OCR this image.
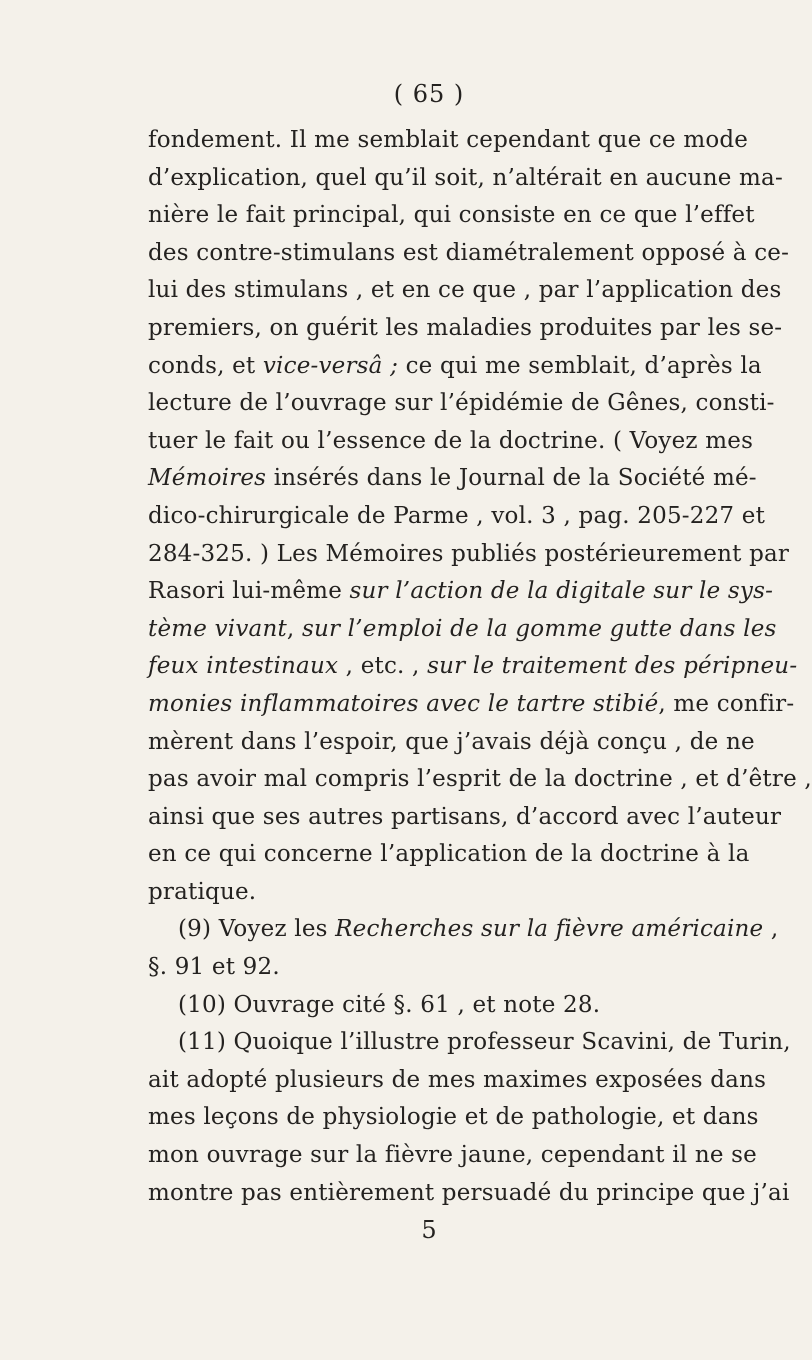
( 65 )
fondement. Il me semblait cependant que ce mode
d’explication, quel qu’il soit, n’altérait en aucune ma-
nière le fait principal, qui consiste en ce que l’effet
des contre-stimulans est diamétralement opposé à ce-
lui des stimulans , et en ce que , par l’application des
premiers, on guérit les maladies produites par les se-
conds, et vice-versâ ; ce qui me semblait, d’après la
lecture de l’ouvrage sur l’épidémie de Gênes, consti-
tuer le fait ou l’essence de la doctrine. ( Voyez mes
Mémoires insérés dans le Journal de la Société mé-
dico-chirurgicale de Parme , vol. 3 , pag. 205-227 et
284-325. ) Les Mémoires publiés postérieurement par
Rasori lui-même sur l’action de la digitale sur le sys-
tème vivant, sur l’emploi de la gomme gutte dans les
feux intestinaux , etc. , sur le traitement des péripneu-
monies inflammatoires avec le tartre stibié, me confir-
mèrent dans l’espoir, que j’avais déjà conçu , de ne
pas avoir mal compris l’esprit de la doctrine , et d’être ,
ainsi que ses autres partisans, d’accord avec l’auteur
en ce qui concerne l’application de la doctrine à la
pratique.
(9) Voyez les Recherches sur la fièvre américaine ,
§. 91 et 92.
(10) Ouvrage cité §. 61 , et note 28.
(11) Quoique l’illustre professeur Scavini, de Turin,
ait adopté plusieurs de mes maximes exposées dans
mes leçons de physiologie et de pathologie, et dans
mon ouvrage sur la fièvre jaune, cependant il ne se
montre pas entièrement persuadé du principe que j’ai
5
